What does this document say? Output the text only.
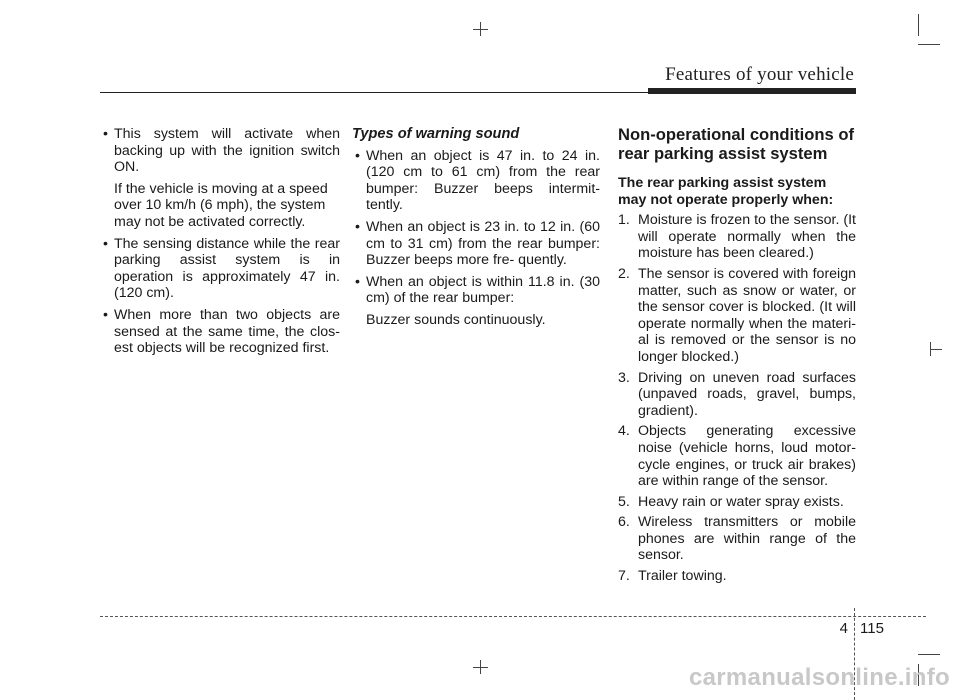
Features of your vehicle
• This system will activate when backing up with the ignition switch ON.

If the vehicle is moving at a speed over 10 km/h (6 mph), the system may not be activated correctly.

• The sensing distance while the rear parking assist system is in operation is approximately 47 in. (120 cm).

• When more than two objects are sensed at the same time, the clos- est objects will be recognized first.

Types of warning sound

• When an object is 47 in. to 24 in. (120 cm to 61 cm) from the rear bumper: Buzzer beeps intermit- tently.

• When an object is 23 in. to 12 in. (60 cm to 31 cm) from the rear bumper: Buzzer beeps more fre- quently.

• When an object is within 11.8 in. (30 cm) of the rear bumper:

Buzzer sounds continuously.

Non-operational conditions of rear parking assist system

The rear parking assist system may not operate properly when:

1. Moisture is frozen to the sensor. (It will operate normally when the moisture has been cleared.)

2. The sensor is covered with foreign matter, such as snow or water, or the sensor cover is blocked. (It will operate normally when the materi- al is removed or the sensor is no longer blocked.)

3. Driving on uneven road surfaces (unpaved roads, gravel, bumps, gradient).

4. Objects generating excessive noise (vehicle horns, loud motor- cycle engines, or truck air brakes) are within range of the sensor.

5. Heavy rain or water spray exists.

6. Wireless transmitters or mobile phones are within range of the sensor.

7. Trailer towing.

4 115
carmanualsonline.info
